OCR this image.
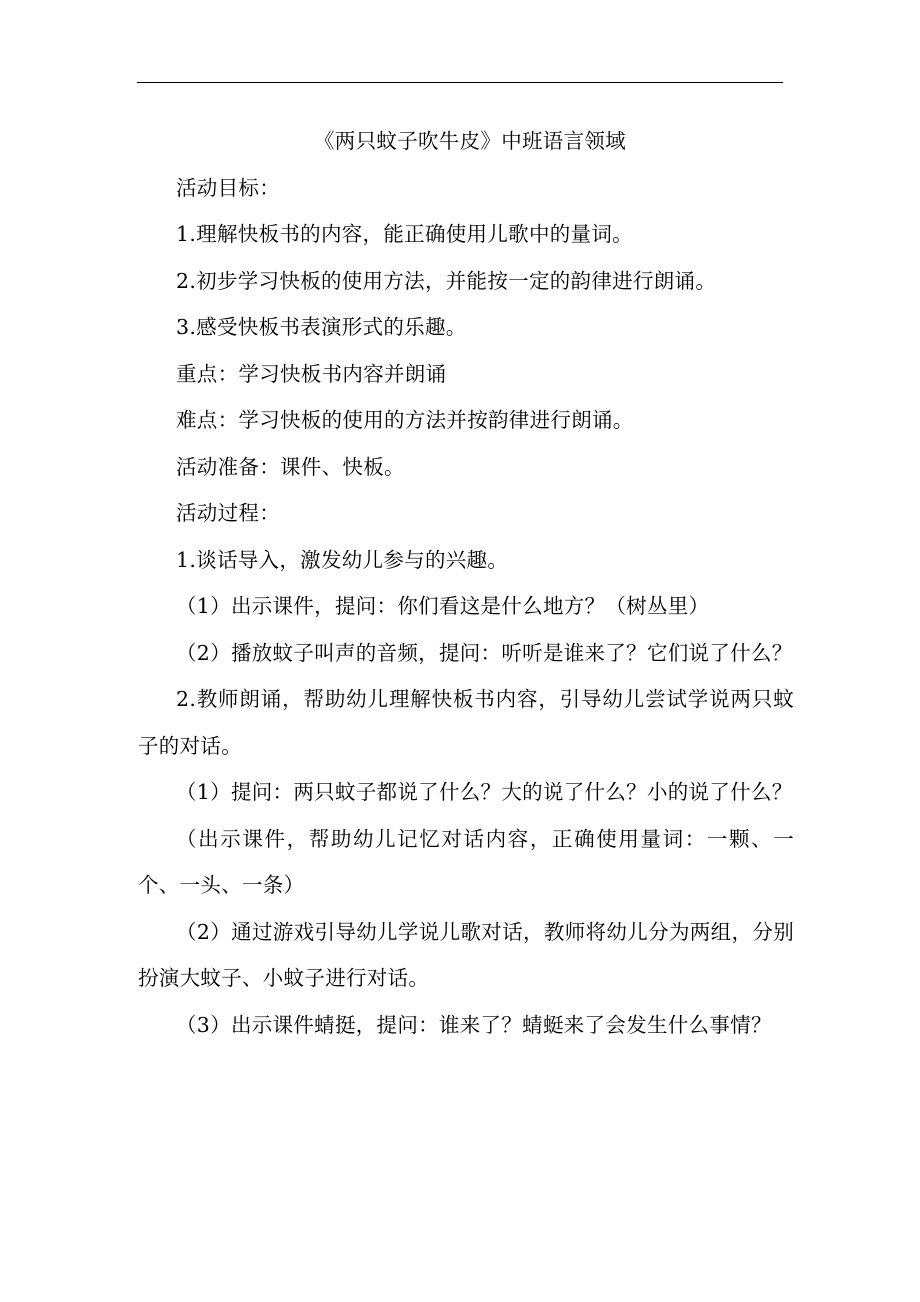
《两只蚊子吹牛皮》中班语言领域

活动目标：

1.理解快板书的内容，能正确使用儿歌中的量词。

2.初步学习快板的使用方法，并能按一定的韵律进行朗诵。

3.感受快板书表演形式的乐趣。

重点：学习快板书内容并朗诵

难点：学习快板的使用的方法并按韵律进行朗诵。

活动准备：课件、快板。

活动过程：

1.谈话导入，激发幼儿参与的兴趣。

（1）出示课件，提问：你们看这是什么地方？（树丛里）

（2）播放蚊子叫声的音频，提问：听听是谁来了？它们说了什么？

2.教师朗诵，帮助幼儿理解快板书内容，引导幼儿尝试学说两只蚊子的对话。

（1）提问：两只蚊子都说了什么？大的说了什么？小的说了什么？

（出示课件，帮助幼儿记忆对话内容，正确使用量词：一颗、一个、一头、一条）

（2）通过游戏引导幼儿学说儿歌对话，教师将幼儿分为两组，分别扮演大蚊子、小蚊子进行对话。

（3）出示课件蜻挺，提问：谁来了？蜻蜓来了会发生什么事情？
